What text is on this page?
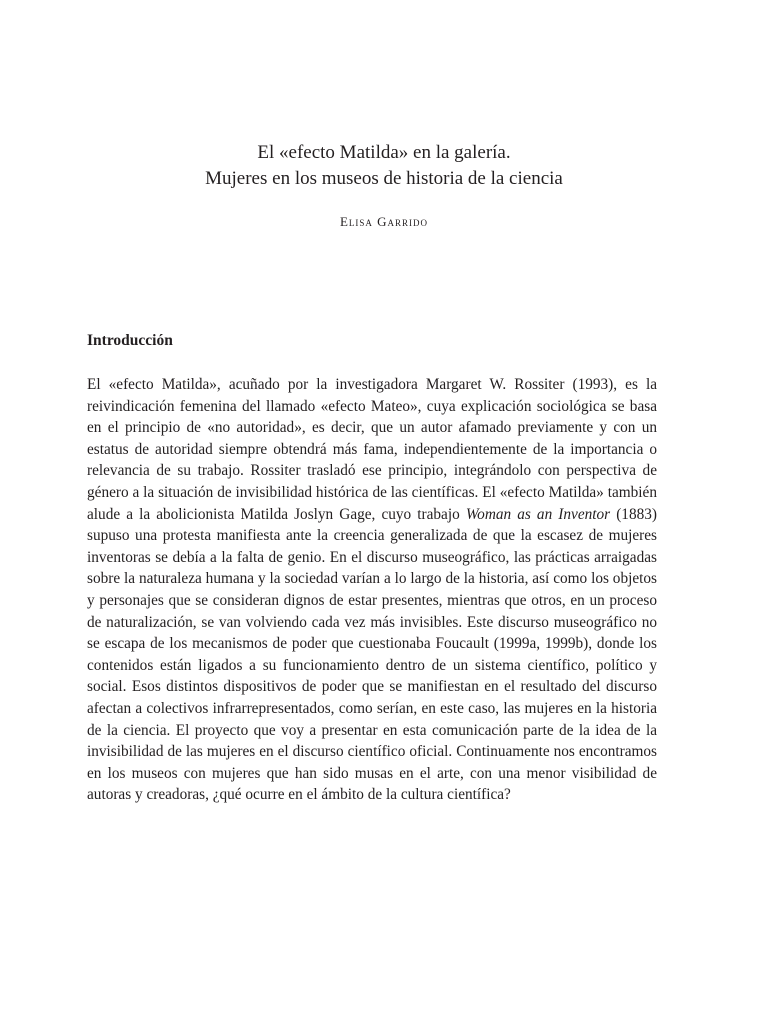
El «efecto Matilda» en la galería.

Mujeres en los museos de historia de la ciencia

Elisa Garrido
Introducción

El «efecto Matilda», acuñado por la investigadora Margaret W. Rossiter (1993), es la reivindicación femenina del llamado «efecto Mateo», cuya explicación sociológica se basa en el principio de «no autoridad», es decir, que un autor afamado previamente y con un estatus de autoridad siempre obtendrá más fama, independientemente de la importancia o relevancia de su trabajo. Rossiter trasladó ese principio, integrándolo con perspectiva de género a la situación de invisibilidad histórica de las científicas. El «efecto Matilda» también alude a la abolicionista Matilda Joslyn Gage, cuyo trabajo Woman as an Inventor (1883) supuso una protesta manifiesta ante la creencia generalizada de que la escasez de mujeres inventoras se debía a la falta de genio. En el discurso museográfico, las prácticas arraigadas sobre la naturaleza humana y la sociedad varían a lo largo de la historia, así como los objetos y personajes que se consideran dignos de estar presentes, mientras que otros, en un proceso de naturalización, se van volviendo cada vez más invisibles. Este discurso museográfico no se escapa de los mecanismos de poder que cuestionaba Foucault (1999a, 1999b), donde los contenidos están ligados a su funcionamiento dentro de un sistema científico, político y social. Esos distintos dispositivos de poder que se manifiestan en el resultado del discurso afectan a colectivos infrarrepresentados, como serían, en este caso, las mujeres en la historia de la ciencia. El proyecto que voy a presentar en esta comunicación parte de la idea de la invisibilidad de las mujeres en el discurso científico oficial. Continuamente nos encontramos en los museos con mujeres que han sido musas en el arte, con una menor visibilidad de autoras y creadoras, ¿qué ocurre en el ámbito de la cultura científica?
